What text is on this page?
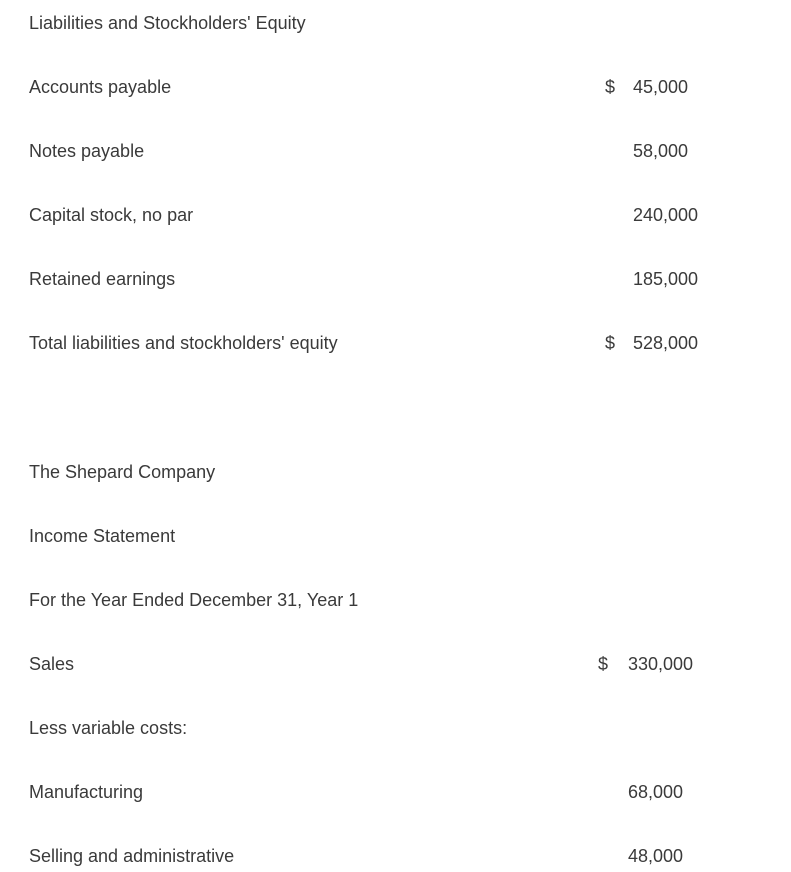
Liabilities and Stockholders' Equity
Accounts payable	$ 45,000
Notes payable	58,000
Capital stock, no par	240,000
Retained earnings	185,000
Total liabilities and stockholders' equity	$ 528,000
The Shepard Company
Income Statement
For the Year Ended December 31, Year 1
Sales	$ 330,000
Less variable costs:
Manufacturing	68,000
Selling and administrative	48,000
